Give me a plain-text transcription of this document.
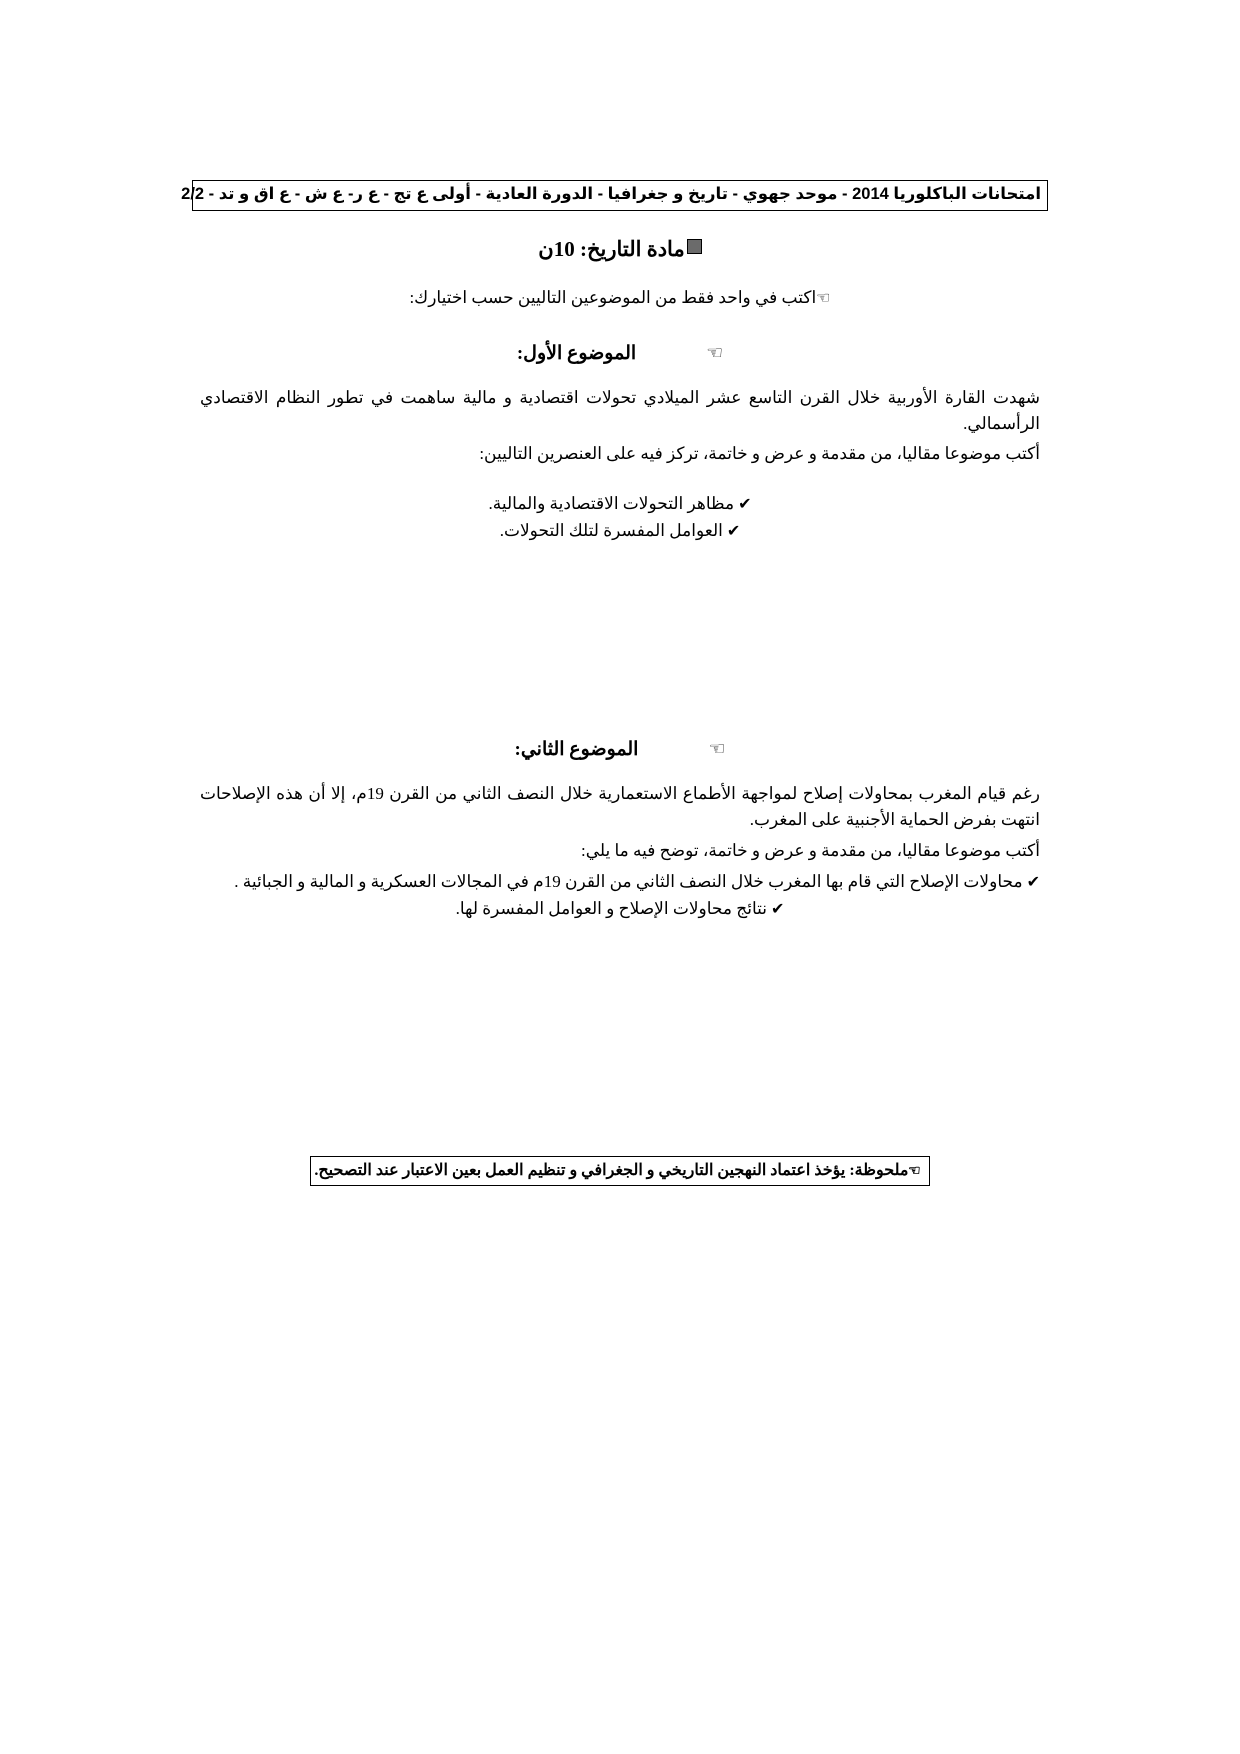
امتحانات الباكلوريا 2014 - موحد جهوي - تاريخ و جغرافيا - الدورة العادية - أولى ع تج - ع ر- ع ش - ع اق و تد - 2/2
مادة التاريخ: 10ن
☞اكتب في واحد فقط من الموضوعين التاليين حسب اختيارك:
☜الموضوع الأول:
شهدت القارة الأوربية خلال القرن التاسع عشر الميلادي تحولات اقتصادية و مالية ساهمت في تطور النظام الاقتصادي الرأسمالي.
أكتب موضوعا مقاليا، من مقدمة و عرض و خاتمة، تركز فيه على العنصرين التاليين:
✔مظاهر التحولات الاقتصادية والمالية.
✔العوامل المفسرة لتلك التحولات.
☜الموضوع الثاني:
رغم قيام المغرب بمحاولات إصلاح لمواجهة الأطماع الاستعمارية خلال النصف الثاني من القرن 19م، إلا أن هذه الإصلاحات انتهت بفرض الحماية الأجنبية على المغرب.
أكتب موضوعا مقاليا، من مقدمة و عرض و خاتمة، توضح فيه ما يلي:
✔محاولات الإصلاح التي قام بها المغرب خلال النصف الثاني من القرن 19م في المجالات العسكرية و المالية و الجبائية .
✔نتائج محاولات الإصلاح و العوامل المفسرة لها.
☞ملحوظة: يؤخذ اعتماد النهجين التاريخي و الجغرافي و تنظيم العمل بعين الاعتبار عند التصحيح.
